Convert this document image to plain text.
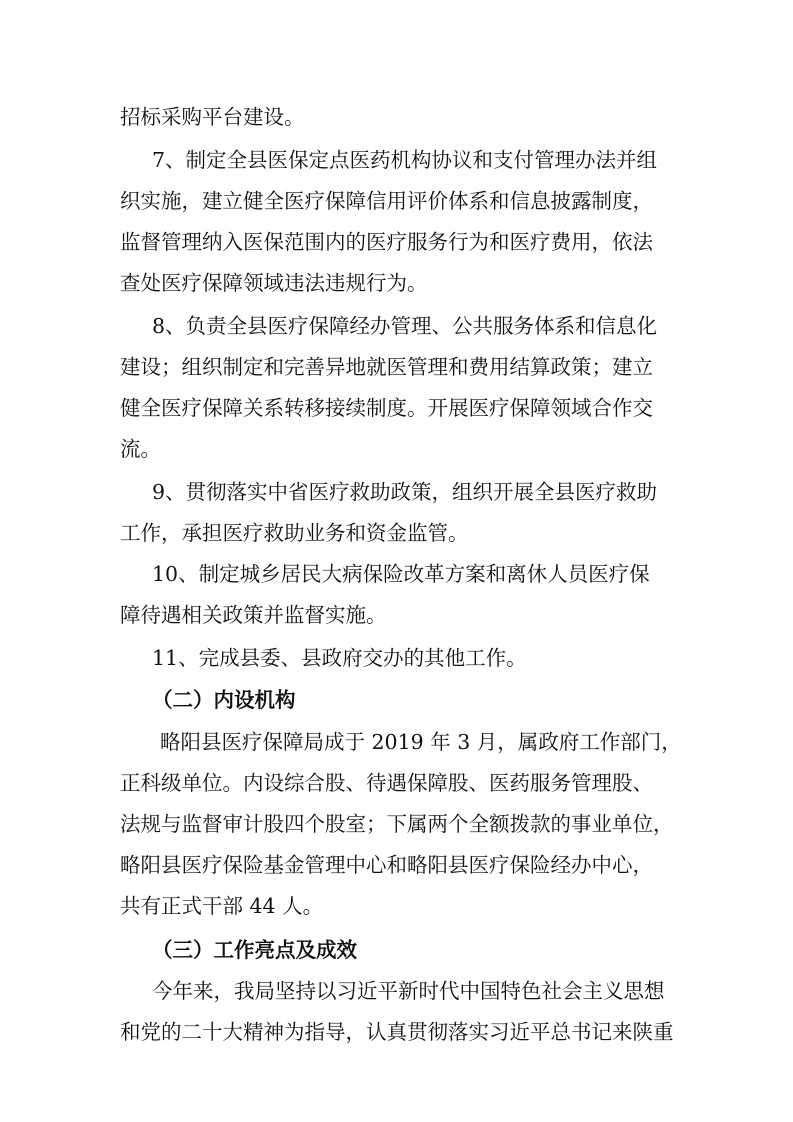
招标采购平台建设。
7、制定全县医保定点医药机构协议和支付管理办法并组
织实施，建立健全医疗保障信用评价体系和信息披露制度，
监督管理纳入医保范围内的医疗服务行为和医疗费用，依法
查处医疗保障领域违法违规行为。
8、负责全县医疗保障经办管理、公共服务体系和信息化
建设；组织制定和完善异地就医管理和费用结算政策；建立
健全医疗保障关系转移接续制度。开展医疗保障领域合作交
流。
9、贯彻落实中省医疗救助政策，组织开展全县医疗救助
工作，承担医疗救助业务和资金监管。
10、制定城乡居民大病保险改革方案和离休人员医疗保
障待遇相关政策并监督实施。
11、完成县委、县政府交办的其他工作。
（二）内设机构
略阳县医疗保障局成于 2019 年 3 月，属政府工作部门，
正科级单位。内设综合股、待遇保障股、医药服务管理股、
法规与监督审计股四个股室；下属两个全额拨款的事业单位，
略阳县医疗保险基金管理中心和略阳县医疗保险经办中心，
共有正式干部 44 人。
（三）工作亮点及成效
今年来，我局坚持以习近平新时代中国特色社会主义思想
和党的二十大精神为指导，认真贯彻落实习近平总书记来陕重
